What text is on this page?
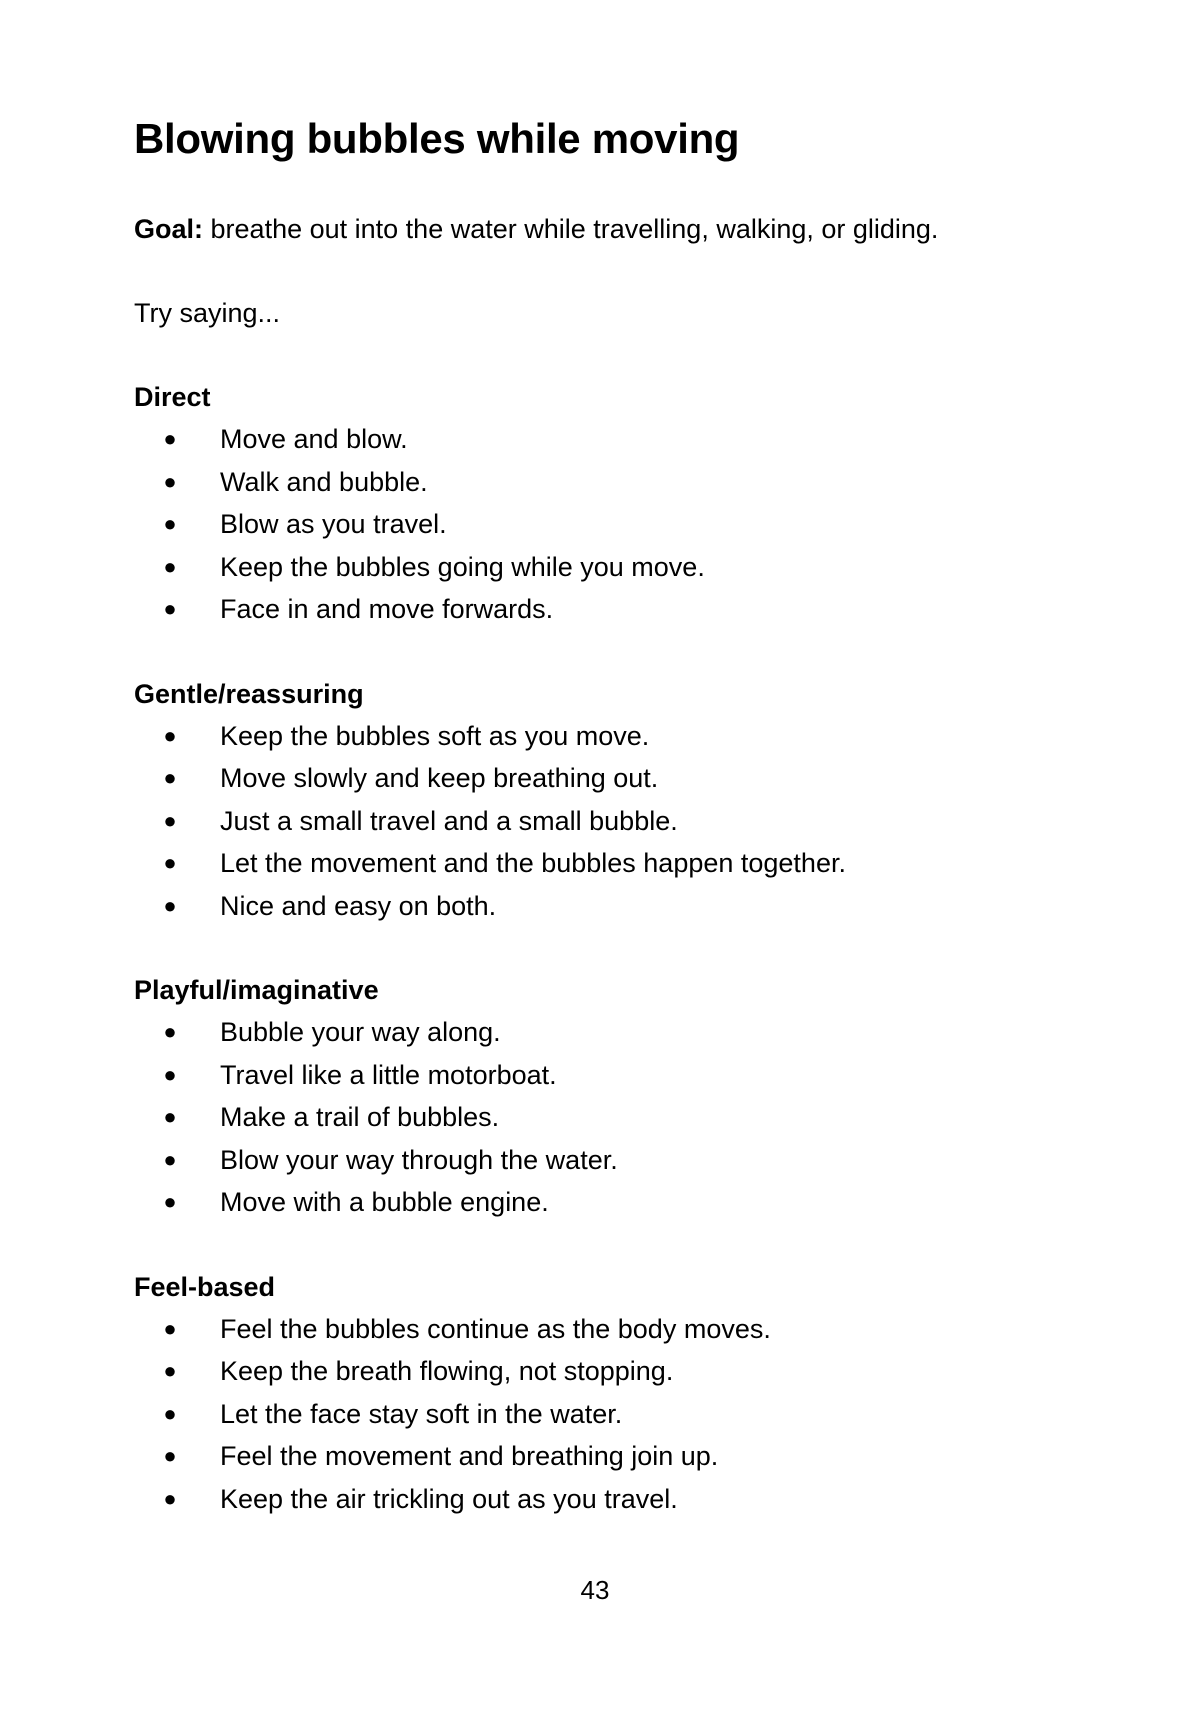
Blowing bubbles while moving

Goal: breathe out into the water while travelling, walking, or gliding.

Try saying...

Direct
● Move and blow.
● Walk and bubble.
● Blow as you travel.
● Keep the bubbles going while you move.
● Face in and move forwards.
Gentle/reassuring
● Keep the bubbles soft as you move.
● Move slowly and keep breathing out.
● Just a small travel and a small bubble.
● Let the movement and the bubbles happen together.
● Nice and easy on both.
Playful/imaginative
● Bubble your way along.
● Travel like a little motorboat.
● Make a trail of bubbles.
● Blow your way through the water.
● Move with a bubble engine.
Feel-based
● Feel the bubbles continue as the body moves.
● Keep the breath flowing, not stopping.
● Let the face stay soft in the water.
● Feel the movement and breathing join up.
● Keep the air trickling out as you travel.
43
